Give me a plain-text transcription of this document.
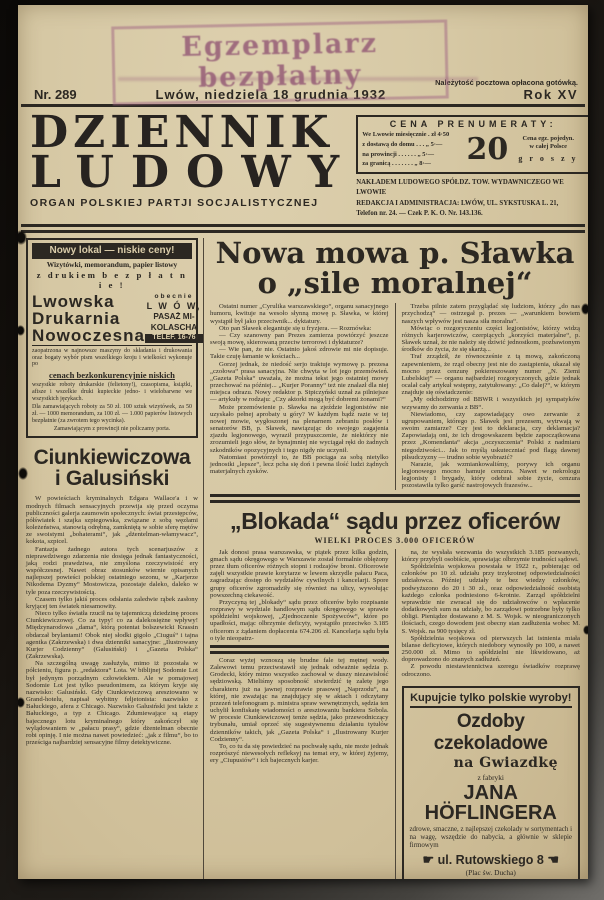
Egzemplarz bezpłatny
Nr. 289	Lwów, niedziela 18 grudnia 1932
Należytość pocztowa opłacona gotówką.
Rok XV
DZIENNIK
LUDOWY
ORGAN POLSKIEJ PARTJI SOCJALISTYCZNEJ
CENA PRENUMERATY:
We Lwowie miesięcznie . zł 4·50
z dostawą do domu . . . „ 5·—
na prowincji . . . . . . „ 5·—
za granicą . . . . . . . „ 8·—	20	Cena egz. pojedyn.
w całej Polsce
g r o s z y
NAKŁADEM LUDOWEGO SPÓŁDZ. TOW. WYDAWNICZEGO WE LWOWIE
REDAKCJA I ADMINISTRACJA: LWÓW, UL. SYKSTUSKA L. 21,
Telefon nr. 24. — Czek P. K. O. Nr. 143.136.
Nowy lokal — niskie ceny!
Wizytówki, memorandum, papier listowy
z drukiem b e z p ł a t n i e !
Lwowska
Drukarnia
Nowoczesna
obecnie
L W Ó W,
PASAŻ MI-
KOLASCHA
TELEF. 16-76
zaopatrzona w najnowsze maszyny do składania i drukowania oraz bogaty wybór pism wszelkiego kroju i wielkości wykonuje po
cenach bezkonkurencyjnie niskich
wszystkie roboty drukarskie (felietony!), czasopisma, książki, afisze i wszelkie druki kupieckie jedno- i wielobarwne we wszystkich językach.
Dla zamawiających roboty za 50 zł. 100 sztuk wizytówek, za 50 zł. — 1000 memorandum, za 100 zł. — 1.000 papierów listowych bezpłatnie (za zwrotem tego wycinka).
Zamawiającym z prowincji nie policzamy porta.
Ciunkiewiczowa
i Galusiński

W powieściach kryminalnych Edgara Wallace'a i w modnych filmach sensacyjnych przewija się przed oczyma publiczności galerja zaumowin społecznych: świat przestępców, półświatek i szajka szpiegowska, związane z sobą węzłami koleżeństwa, stanowią odrębną, zamkniętą w sobie sferę mętów ze swoistymi „bohaterami“, jak „dżentelman-włamywacz“, kokota, szpicel.

Fantazja żadnego autora tych scenarjuszów z nieprawdziwego zdarzenia nie dosięga jednak fantastyczności, jaką rodzi prawdziwa, nie zmyślona rzeczywistość ery współczesnej. Nawet obraz stosunków wiernie opisanych najlepszej powieści polskiej ostatniego sezonu, w „Karjerze Nikodema Dyzmy“ Mostowicza, pozostaje daleko, daleko w tyle poza rzeczywistością.

Czasem tylko jakiś proces odsłania zaledwie rąbek zasłony kryjącej ten światek niesamowity.

Nieco tylko światła rzucił na tę tajemniczą dziedzinę proces Ciunkiewiczowej. Co za typy! co za dalekosiężne wpływy! Międzynarodowa „dama“, którą potentat bolszewicki Krassin obdarzał brylantami! Obok niej słodki gigolo „Ciuguś“ i tajna agentka (Zakrzewska) i dwa dzienniki sanacyjne: „Ilustrowany Kurjer Codzienny“ (Galusiński) i „Gazeta Polska“ (Zakrzewska).

Na szczególną uwagę zasłużyła, mimo iż pozostała w półcieniu, figura p. „redaktora“ Lota. W biblijnej Sodomie Lot był jedynym porządnym człowiekiem. Ale w pomajowej Sodomie Lot jest tylko pseudonimem, za którym kryje się nazwisko: Galusiński. Gdy Ciunkiewiczową aresztowano w Grand-hotelu, napisał wybitny feljetonista: nazwisko z Bałuckiego, afera z Chicago. Nazwisko Galusiński jest także z Bałuckiego, a typ z Chicago. Zdumiewające są etapy bajecznego lotu kryminalnego który zakończył się wylądowaniem w „pałacu prasy“, gdzie dżentelman obecnie robi opinję. I nie można nawet powiedzieć: „jak z filmu“, bo to prześciga najbardziej sensacyjne filmy detektywiczne.

Nowa mowa p. Sławka
o „sile moralnej“

Ostatni numer „Cyrulika warszawskiego“, organu sanacyjnego humoru, kwituje na wesoło słynną mowę p. Sławka, w której wystąpił był jako przeciwnik... dyktatury.

Oto pan Sławek elegantuje się u fryzjera. — Rozmówka:

— Czy szanowny pan Prezes zamierza powtórzyć jeszcze swoją mowę, skierowaną przeciw terrorowi i dyktaturze?

— Wie pan, że nie. Ostatnio jakoś zdrowie mi nie dopisuje. Takie czuję łamanie w kościach...

Gorzej jednak, że niedość serjo traktuje wymowę p. prezesa „czołowa“ prasa sanacyjna. Nie chwyta w lot jego przemówień. „Gazeta Polska“ uważała, że można tekst jego ostatniej mowy przechować na później... „Kurjer Poranny“ też nie znalazł dla niej miejsca odrazu. Nowy redaktor p. Stpiczyński uznał za pilniejsze — artykuły w rodzaju: „Czy aktorki mogą być dobremi żonami?“

Może przemówienie p. Sławka na zjeździe legjonistów nie uzyskało pełnej aprobaty u góry? W każdym bądź razie w tej nowej mowie, wygłoszonej na plenarnem zebraniu posłów i senatorów BB, p. Sławek, nawiązując do swojego zagajenia zjazdu legjonowego, wyraził przypuszczenie, że niektórzy nie zrozumieli jego słów, że bynajmniej nie wyciągał ręki do żadnych szkodników opozycyjnych i tego nigdy nie uczynił.

Natomiast powtórzył to, że BB pociąga za sobą nietylko jednostki „lepsze“, lecz pcha się doń i pewna ilość ludzi żądnych materjalnych zysków.

Trzeba pilnie zatem przyglądać się ludziom, którzy „do nas przychodzą“ — ostrzegał p. prezes — „warunkiem bowiem naszych wpływów jest nasza siła moralna“.

Mówiąc o rozgoryczeniu części legjonistów, którzy widzą różnych karjerowiczów, czerpiących „korzyści materjalne“, p. Sławek uznał, że nie należy się dziwić jednostkom, pozbawionym środków do życia, że się skarżą...

Traf zrządził, że równocześnie z tą mową, zakończoną zapewnieniem, że rząd obecny jest nie do zastąpienia, ukazał się mocno przez cenzurę pokiereszowany numer „N. Ziemi Lubelskiej“ — organu najbardziej rozgoryczonych, gdzie jednak ocalał cały artykuł wstępny, zatytułowany: „Co dalej?“, w którym znajduje się oświadczenie:

„My odchodzimy od BBWR i wszystkich jej sympatyków wzywamy do zerwania z BB“.

Niewiadomo, czy zapowiadający owo zerwanie z ugrupowaniem, którego p. Sławek jest prezesem, wytrwają w swoim zamiarze? Czy jest to deklaracja, czy deklamacja? Zapowiadają oni, że ich drogowskazem będzie zapoczątkowana przez „Komendanta“ akcja „oczyszczenia“ Polski z nadmiaru niegodziwości... Jak to myślą uskuteczniać pod flagą dawnej piłsudczyzny — trudno sobie wyobrazić?

Narazie, jak wzmiankowaliśmy, porywy ich organu legjonowego mocno hamuje cenzura. Nawet w nekrologu legjonisty I brygady, który odebrał sobie życie, cenzura pozostawiła tylko garść nastrojowych frazesów...

„Blokada“ sądu przez oficerów
WIELKI PROCES 3.000 OFICERÓW

Jak donosi prasa warszawska, w piątek przez kilka godzin, gmach sądu okręgowego w Warszawie został formalnie oblężony przez tłum oficerów różnych stopni i rodzajów broni. Oficerowie zajęli wszystkie prawie korytarze w lewem skrzydle pałacu Paca, zagradzając dostęp do wydziałów cywilnych i kancelarji. Spore grupy oficerów zgromadziły się również na ulicy, wywołując powszechną ciekawość.

Przyczyną tej „blokady“ sądu przez oficerów było rozpisanie rozprawy w wydziale handlowym sądu okręgowego w sprawie spółdzielni wojskowej, „Zjednoczenie Spożywców“, które po upadłości, mając olbrzymie deficyty, wystąpiło przeciwko 3.185 oficerom z żądaniem dopłacenia 674.206 zł. Kancelarja sądu była o tyle nieopatrz-

Coraz wyżej wznoszą się brudne fale tej mętnej wody. Zalewowi temu przeciwstawił się jednak odważnie sędzia p. Grodecki, który mimo wszystko zachował w duszy niezawisłość sędziowską. Mieliśmy sposobność stwierdzić tę zaletę jego charakteru już na jawnej rozprawie prasowej „Naprzodu“, na której, nie zważając na znajdujący się w aktach i odczytany przezeń telefonogram p. ministra spraw wewnętrznych, sędzia ten uchylił konfiskatę wiadomości o aresztowaniu bankiera Sobola. W procesie Ciunkiewiczowej tenże sędzia, jako przewodniczący trybunału, umiał oprzeć się sugestywnemu działaniu tytułów dzienników takich, jak „Gazeta Polska“ i „Ilustrowany Kurjer Codzienny“.

To, co tu da się powiedzieć na pochwałę sądu, nie może jednak rozprószyć niewesołych refleksyj na temat ery, w której żyjemy, ery „Ciupusiów“ i ich bajecznych karjer.

na, że wysłała wezwania do wszystkich 3.185 pozwanych, którzy przybyli osobiście, sprawiając olbrzymie trudności sądowi.

Spółdzielnia wojskowa powstała w 1922 r., pobierając od członków po 10 zł. udziału przy trzykrotnej odpowiedzialności udziałowca. Później udziały te bez wiedzy członków, podwyższono do 20 i 30 zł., oraz odpowiedzialność osobistą każdego członka podniesiono 6-krotnie. Zarząd spółdzielni wprawdzie nie zwracał się do udziałowców o wpłacenie dodatkowych sum na udziały, bo zarządowi potrzebne były tylko obligi. Pieniądze dostawano z M. S. Wojsk. w nieograniczonych ilościach, czego dowodem jest obecny stan zadłużenia wobec M. S. Wojsk. na 900 tysięcy zł.

Spółdzielnia wojskowa od pierwszych lat istnienia miała bilanse deficytowe, których niedobory wynosiły po 100, a nawet 250.000 zł. Mimo to spółdzielni nie likwidowano, aż doprowadzono do znanych zadłużeń.

Z powodu niestawiennictwa szeregu świadków rozprawę odroczono.

Kupujcie tylko polskie wyroby!
Ozdoby czekoladowe
na Gwiazdkę
z fabryki
JANA HÖFLINGERA
zdrowe, smaczne, z najlepszej czekolady w sortymentach i na wagę, wszędzie do nabycia, a głównie w sklepie firmowym
☛ ul. Rutowskiego 8 ☚
(Plac św. Ducha)
